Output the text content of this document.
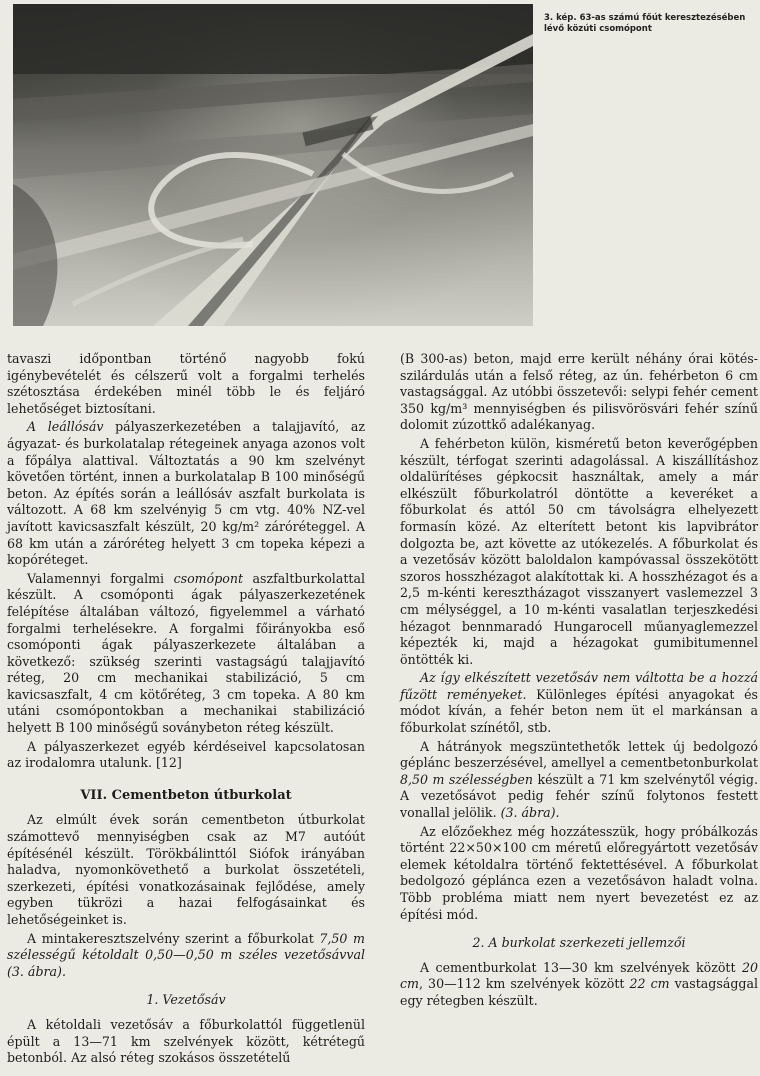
3. kép. 63-as számú főút keresztezésében lévő közúti csomópont

tavaszi időpontban történő nagyobb fokú igénybevételét és célszerű volt a forgalmi terhelés szétosztása érdekében minél több le és feljáró lehetőséget biztosítani.

A leállósáv pályaszerkezetében a talajjavító, az ágyazat- és burkolatalap rétegeinek anyaga azonos volt a főpálya alattival. Változtatás a 90 km szelvényt követően történt, innen a burkolatalap B 100 minőségű beton. Az építés során a leállósáv aszfalt burkolata is változott. A 68 km szelvényig 5 cm vtg. 40% NZ-vel javított kavicsaszfalt készült, 20 kg/m² záróréteggel. A 68 km után a záróréteg helyett 3 cm topeka képezi a kopóréteget.

Valamennyi forgalmi csomópont aszfaltburkolattal készült. A csomóponti ágak pályaszerkezetének felépítése általában változó, figyelemmel a várható forgalmi terhelésekre. A forgalmi főirányokba eső csomóponti ágak pályaszerkezete általában a következő: szükség szerinti vastagságú talajjavító réteg, 20 cm mechanikai stabilizáció, 5 cm kavicsaszfalt, 4 cm kötőréteg, 3 cm topeka. A 80 km utáni csomópontokban a mechanikai stabilizáció helyett B 100 minőségű soványbeton réteg készült.

A pályaszerkezet egyéb kérdéseivel kapcsolatosan az irodalomra utalunk. [12]

VII. Cementbeton útburkolat

Az elmúlt évek során cementbeton útburkolat számottevő mennyiségben csak az M7 autóút építésénél készült. Törökbálinttól Siófok irányában haladva, nyomonkövethető a burkolat összetételi, szerkezeti, építési vonatkozásainak fejlődése, amely egyben tükrözi a hazai felfogásainkat és lehetőségeinket is.

A mintakeresztszelvény szerint a főburkolat 7,50 m szélességű kétoldalt 0,50—0,50 m széles vezetősávval (3. ábra).

1. Vezetősáv

A kétoldali vezetősáv a főburkolattól függetlenül épült a 13—71 km szelvények között, kétrétegű betonból. Az alsó réteg szokásos összetételű

(B 300-as) beton, majd erre került néhány órai kötés-szilárdulás után a felső réteg, az ún. fehérbeton 6 cm vastagsággal. Az utóbbi összetevői: selypi fehér cement 350 kg/m³ mennyiségben és pilisvörösvári fehér színű dolomit zúzottkő adalékanyag.

A fehérbeton külön, kisméretű beton keverőgépben készült, térfogat szerinti adagolással. A kiszállításhoz oldalürítéses gépkocsit használtak, amely a már elkészült főburkolatról döntötte a keveréket a főburkolat és attól 50 cm távolságra elhelyezett formasín közé. Az elterített betont kis lapvibrátor dolgozta be, azt követte az utókezelés. A főburkolat és a vezetősáv között baloldalon kampóvassal összekötött szoros hosszhézagot alakítottak ki. A hosszhézagot és a 2,5 m-kénti keresztházagot visszanyert vaslemezzel 3 cm mélységgel, a 10 m-kénti vasalatlan terjeszkedési hézagot bennmaradó Hungarocell műanyaglemezzel képezték ki, majd a hézagokat gumibitumennel öntötték ki.

Az így elkészített vezetősáv nem váltotta be a hozzá fűzött reményeket. Különleges építési anyagokat és módot kíván, a fehér beton nem üt el markánsan a főburkolat színétől, stb.

A hátrányok megszüntethetők lettek új bedolgozó géplánc beszerzésével, amellyel a cementbetonburkolat 8,50 m szélességben készült a 71 km szelvénytől végig. A vezetősávot pedig fehér színű folytonos festett vonallal jelölik. (3. ábra).

Az előzőekhez még hozzátesszük, hogy próbálkozás történt 22×50×100 cm méretű előregyártott vezetősáv elemek kétoldalra történő fektettésével. A főburkolat bedolgozó géplánca ezen a vezetősávon haladt volna. Több probléma miatt nem nyert bevezetést ez az építési mód.

2. A burkolat szerkezeti jellemzői

A cementburkolat 13—30 km szelvények között 20 cm, 30—112 km szelvények között 22 cm vastagsággal egy rétegben készült.
